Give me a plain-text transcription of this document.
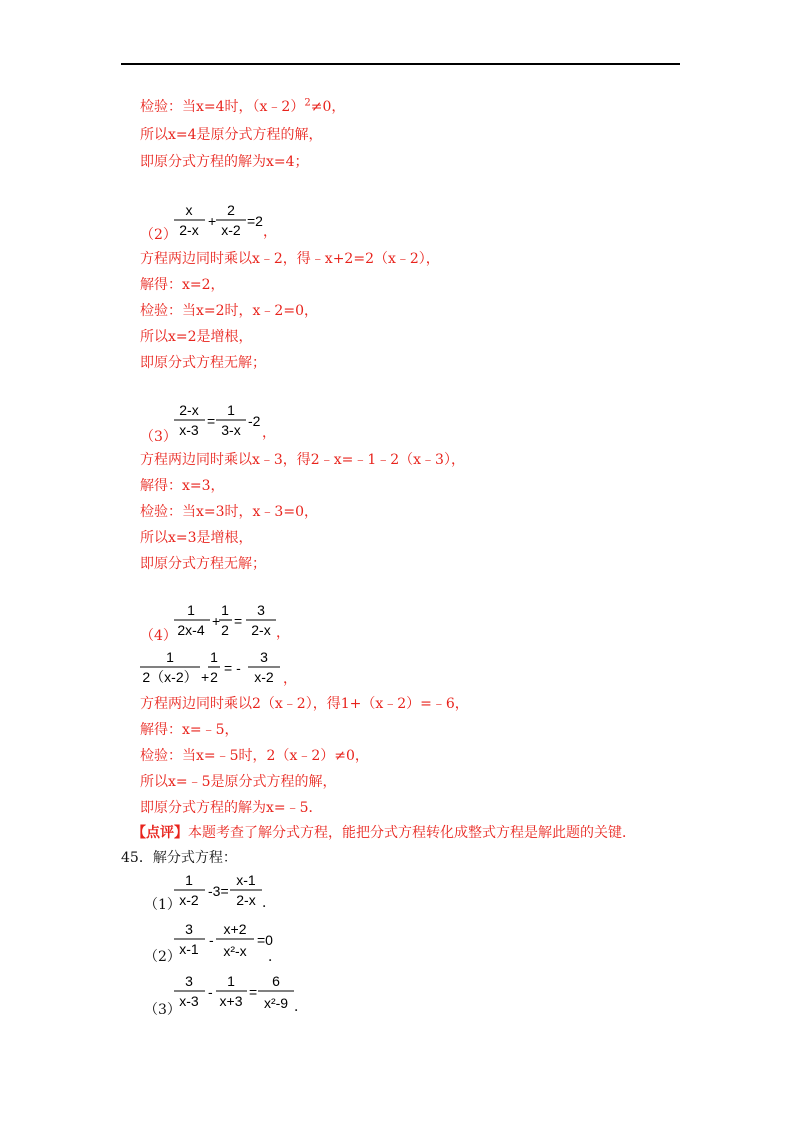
检验：当x=4时，（x﹣2）$^2$≠0，
所以x=4是原分式方程的解，
即原分式方程的解为x=4；
（2）
x
2-x
+
2
x-2
=2
，
方程两边同时乘以x﹣2，得﹣x+2=2（x﹣2），
解得：x=2，
检验：当x=2时，x﹣2=0，
所以x=2是增根，
即原分式方程无解；
（3）
2-x
x-3
=
1
3-x
-2
，
方程两边同时乘以x﹣3，得2﹣x=﹣1﹣2（x﹣3），
解得：x=3，
检验：当x=3时，x﹣3=0，
所以x=3是增根，
即原分式方程无解；
（4）
1
2x-4
+
1
2
=
3
2-x ，
1
2（x-2） +
1
2
= -
3
x-2 ，
方程两边同时乘以2（x﹣2），得1+（x﹣2）=﹣6，
解得：x=﹣5，
检验：当x=﹣5时，2（x﹣2）≠0，
所以x=﹣5是原分式方程的解，
即原分式方程的解为x=﹣5．
【点评】本题考查了解分式方程，能把分式方程转化成整式方程是解此题的关键．
45．解分式方程：
（1）
1
x-2
-3=
x-1
2-x ．
（2）
3
x-1
-
x+2
x²-x
=0
．
（3）
3
x-3
-
1
x+3
=
6
x²-9 ．
